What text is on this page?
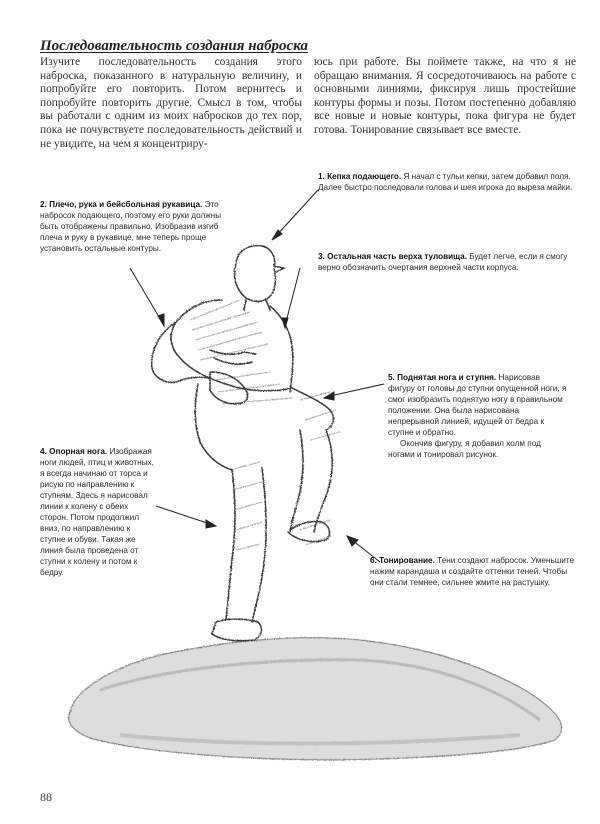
Последовательность создания наброска
Изучите последовательность создания этого наброска, показанного в натуральную величину, и попробуйте его повторить. Потом вернитесь и попробуйте повторить другие. Смысл в том, чтобы вы работали с одним из моих набросков до тех пор, пока не почувствуете последовательность действий и не увидите, на чем я концентриру-
юсь при работе. Вы поймете также, на что я не обращаю внимания. Я сосредоточиваюсь на работе с основными линиями, фиксируя лишь простейшие контуры формы и позы. Потом постепенно добавляю все новые и новые контуры, пока фигура не будет готова. Тонирование связывает все вместе.
1. Кепка подающего. Я начал с тульи кепки, затем добавил поля. Далее быстро последовали голова и шея игрока до выреза майки.
2. Плечо, рука и бейсбольная рукавица. Это набросок подающего, поэтому его руки должны быть отображены правильно. Изобразив изгиб плеча и руку в рукавице, мне теперь проще установить остальные контуры.
3. Остальная часть верха туловища. Будет легче, если я смогу верно обозначить очертания верхней части корпуса.
5. Поднятая нога и ступня. Нарисовав фигуру от головы до ступни опущенной ноги, я смог изобразить поднятую ногу в правильном положении. Она была нарисована непрерывной линией, идущей от бедра к ступне и обратно.
Окончив фигуру, я добавил холм под ногами и тонировал рисунок.
4. Опорная нога. Изображая ноги людей, птиц и животных, я всегда начинаю от торса и рисую по направлению к ступням. Здесь я нарисовал линии к колену с обеих сторон. Потом продолжил вниз, по направлению к ступне и обуви. Такая же линия была проведена от ступни к колену и потом к бедру.
6. Тонирование. Тени создают набросок. Уменьшите нажим карандаша и создайте оттенки теней. Чтобы они стали темнее, сильнее жмите на растушку.
88
